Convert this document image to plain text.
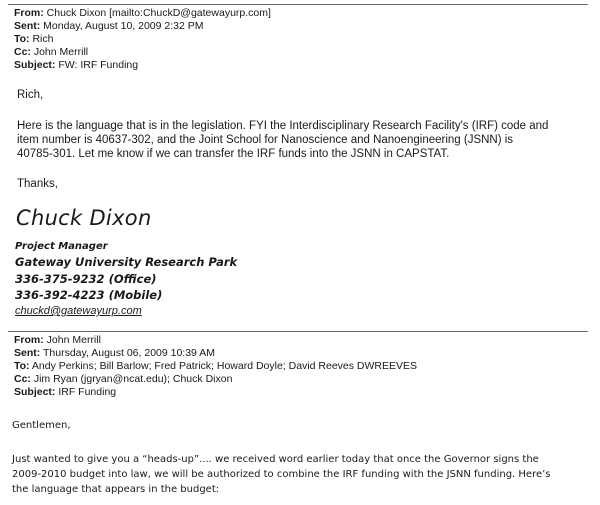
From: Chuck Dixon [mailto:ChuckD@gatewayurp.com]
Sent: Monday, August 10, 2009 2:32 PM
To: Rich
Cc: John Merrill
Subject: FW: IRF Funding
Rich,
Here is the language that is in the legislation. FYI the Interdisciplinary Research Facility's (IRF) code and
item number is 40637-302, and the Joint School for Nanoscience and Nanoengineering (JSNN) is
40785-301. Let me know if we can transfer the IRF funds into the JSNN in CAPSTAT.
Thanks,
Chuck Dixon
Project Manager
Gateway University Research Park
336-375-9232 (Office)
336-392-4223 (Mobile)
chuckd@gatewayurp.com
From: John Merrill
Sent: Thursday, August 06, 2009 10:39 AM
To: Andy Perkins; Bill Barlow; Fred Patrick; Howard Doyle; David Reeves DWREEVES
Cc: Jim Ryan (jgryan@ncat.edu); Chuck Dixon
Subject: IRF Funding
Gentlemen,
Just wanted to give you a “heads-up”.... we received word earlier today that once the Governor signs the
2009-2010 budget into law, we will be authorized to combine the IRF funding with the JSNN funding. Here’s
the language that appears in the budget:
